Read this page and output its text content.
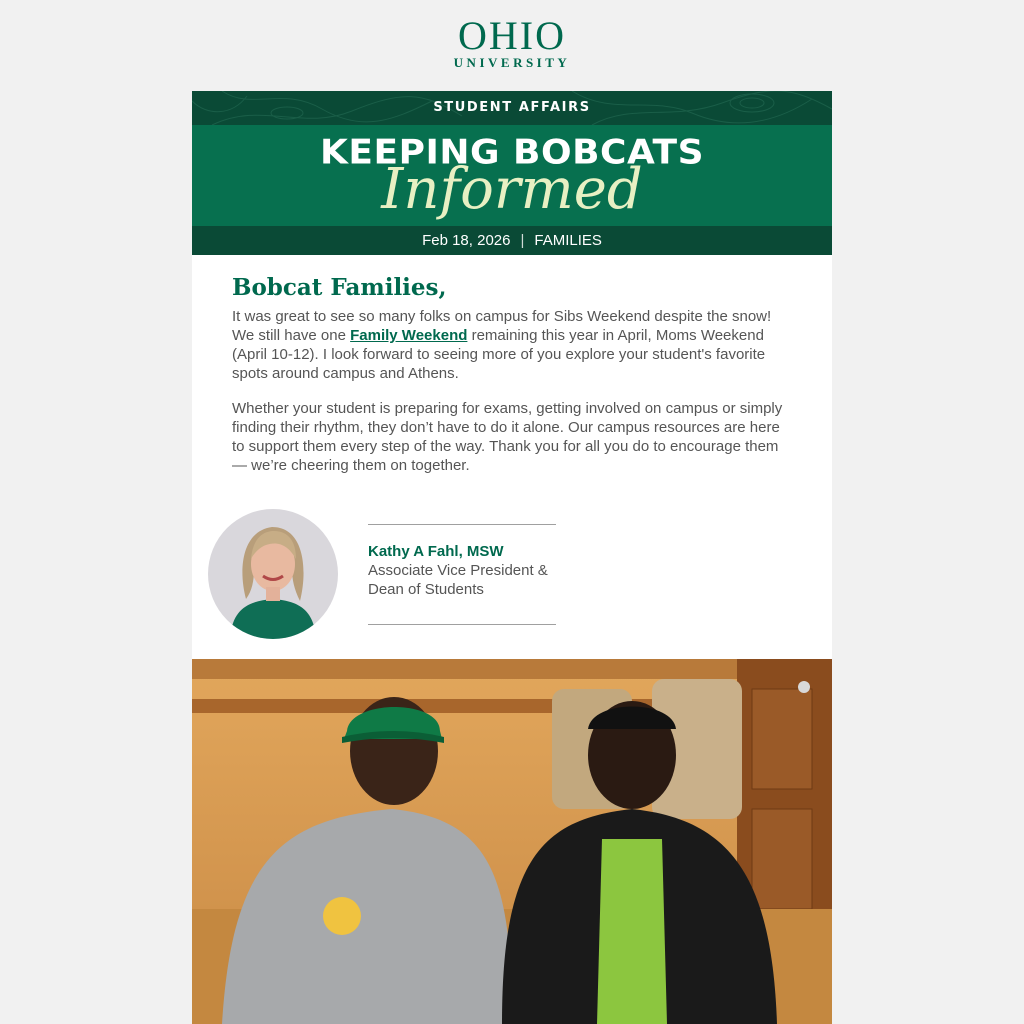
OHIO
UNIVERSITY
STUDENT AFFAIRS
KEEPING BOBCATS
Informed
Feb 18, 2026 | FAMILIES
Bobcat Families,

It was great to see so many folks on campus for Sibs Weekend despite the snow! We still have one Family Weekend remaining this year in April, Moms Weekend (April 10-12). I look forward to seeing more of you explore your student's favorite spots around campus and Athens.

Whether your student is preparing for exams, getting involved on campus or simply finding their rhythm, they don’t have to do it alone. Our campus resources are here to support them every step of the way. Thank you for all you do to encourage them — we’re cheering them on together.

Kathy A Fahl, MSW
Associate Vice President & Dean of Students
